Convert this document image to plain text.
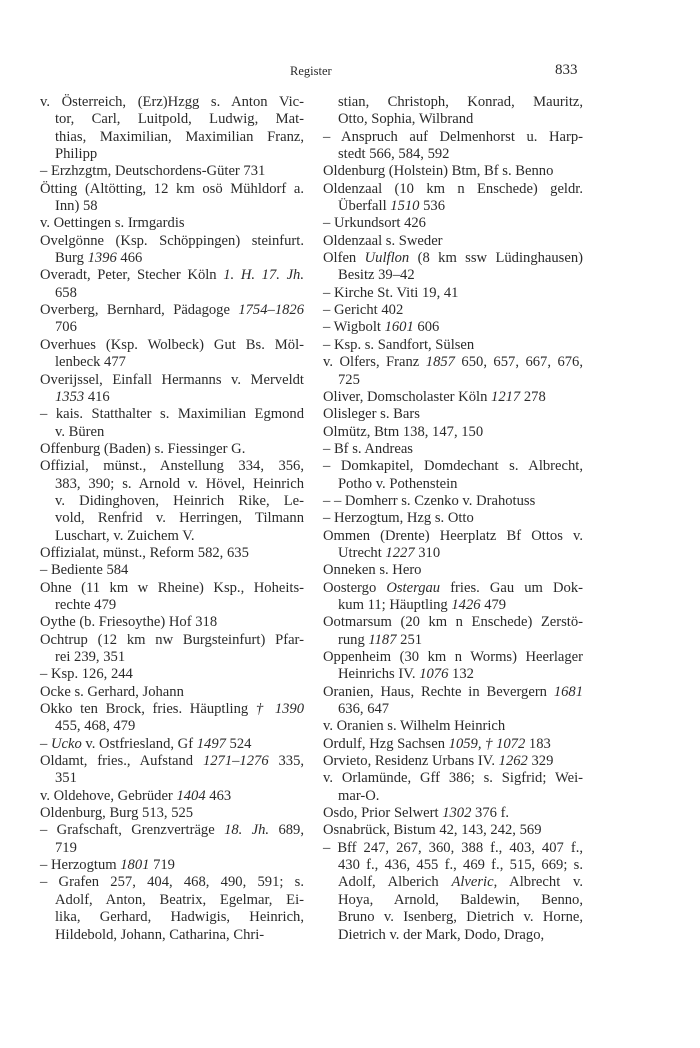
Register	833
v. Österreich, (Erz)Hzgg s. Anton Vic-
tor, Carl, Luitpold, Ludwig, Mat-
thias, Maximilian, Maximilian Franz,
Philipp
– Erzhzgtm, Deutschordens-Güter 731
Ötting (Altötting, 12 km osö Mühldorf a.
Inn) 58
v. Oettingen s. Irmgardis
Ovelgönne (Ksp. Schöppingen) steinfurt.
Burg 1396 466
Overadt, Peter, Stecher Köln 1. H. 17. Jh.
658
Overberg, Bernhard, Pädagoge 1754–1826
706
Overhues (Ksp. Wolbeck) Gut Bs. Möl-
lenbeck 477
Overijssel, Einfall Hermanns v. Merveldt
1353 416
– kais. Statthalter s. Maximilian Egmond
v. Büren
Offenburg (Baden) s. Fiessinger G.
Offizial, münst., Anstellung 334, 356,
383, 390; s. Arnold v. Hövel, Heinrich
v. Didinghoven, Heinrich Rike, Le-
vold, Renfrid v. Herringen, Tilmann
Luschart, v. Zuichem V.
Offizialat, münst., Reform 582, 635
– Bediente 584
Ohne (11 km w Rheine) Ksp., Hoheits-
rechte 479
Oythe (b. Friesoythe) Hof 318
Ochtrup (12 km nw Burgsteinfurt) Pfar-
rei 239, 351
– Ksp. 126, 244
Ocke s. Gerhard, Johann
Okko ten Brock, fries. Häuptling † 1390
455, 468, 479
– Ucko v. Ostfriesland, Gf 1497 524
Oldamt, fries., Aufstand 1271–1276 335,
351
v. Oldehove, Gebrüder 1404 463
Oldenburg, Burg 513, 525
– Grafschaft, Grenzverträge 18. Jh. 689,
719
– Herzogtum 1801 719
– Grafen 257, 404, 468, 490, 591; s.
Adolf, Anton, Beatrix, Egelmar, Ei-
lika, Gerhard, Hadwigis, Heinrich,
Hildebold, Johann, Catharina, Chri-
stian, Christoph, Konrad, Mauritz,
Otto, Sophia, Wilbrand
– Anspruch auf Delmenhorst u. Harp-
stedt 566, 584, 592
Oldenburg (Holstein) Btm, Bf s. Benno
Oldenzaal (10 km n Enschede) geldr.
Überfall 1510 536
– Urkundsort 426
Oldenzaal s. Sweder
Olfen Uulflon (8 km ssw Lüdinghausen)
Besitz 39–42
– Kirche St. Viti 19, 41
– Gericht 402
– Wigbolt 1601 606
– Ksp. s. Sandfort, Sülsen
v. Olfers, Franz 1857 650, 657, 667, 676,
725
Oliver, Domscholaster Köln 1217 278
Olisleger s. Bars
Olmütz, Btm 138, 147, 150
– Bf s. Andreas
– Domkapitel, Domdechant s. Albrecht,
Potho v. Pothenstein
– – Domherr s. Czenko v. Drahotuss
– Herzogtum, Hzg s. Otto
Ommen (Drente) Heerplatz Bf Ottos v.
Utrecht 1227 310
Onneken s. Hero
Oostergo Ostergau fries. Gau um Dok-
kum 11; Häuptling 1426 479
Ootmarsum (20 km n Enschede) Zerstö-
rung 1187 251
Oppenheim (30 km n Worms) Heerlager
Heinrichs IV. 1076 132
Oranien, Haus, Rechte in Bevergern 1681
636, 647
v. Oranien s. Wilhelm Heinrich
Ordulf, Hzg Sachsen 1059, † 1072 183
Orvieto, Residenz Urbans IV. 1262 329
v. Orlamünde, Gff 386; s. Sigfrid; Wei-
mar-O.
Osdo, Prior Selwert 1302 376 f.
Osnabrück, Bistum 42, 143, 242, 569
– Bff 247, 267, 360, 388 f., 403, 407 f.,
430 f., 436, 455 f., 469 f., 515, 669; s.
Adolf, Alberich Alveric, Albrecht v.
Hoya, Arnold, Baldewin, Benno,
Bruno v. Isenberg, Dietrich v. Horne,
Dietrich v. der Mark, Dodo, Drago,
